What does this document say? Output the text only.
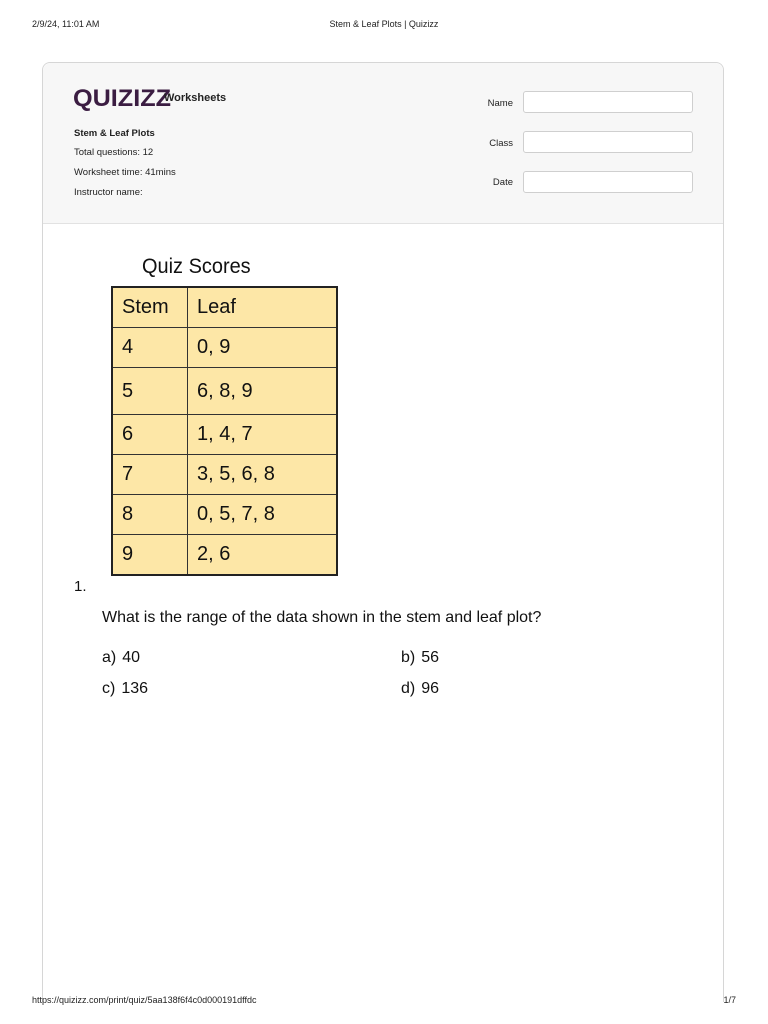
2/9/24, 11:01 AM	Stem & Leaf Plots | Quizizz
QUIZIZZ
Worksheets
Stem & Leaf Plots
Total questions: 12
Worksheet time: 41mins
Instructor name:
Name
Class
Date
Quiz Scores
Stem	Leaf
4	0, 9
5	6, 8, 9
6	1, 4, 7
7	3, 5, 6, 8
8	0, 5, 7, 8
9	2, 6
1.
What is the range of the data shown in the stem and leaf plot?
a) 40	b) 56
c) 136	d) 96
https://quizizz.com/print/quiz/5aa138f6f4c0d000191dffdc	1/7
